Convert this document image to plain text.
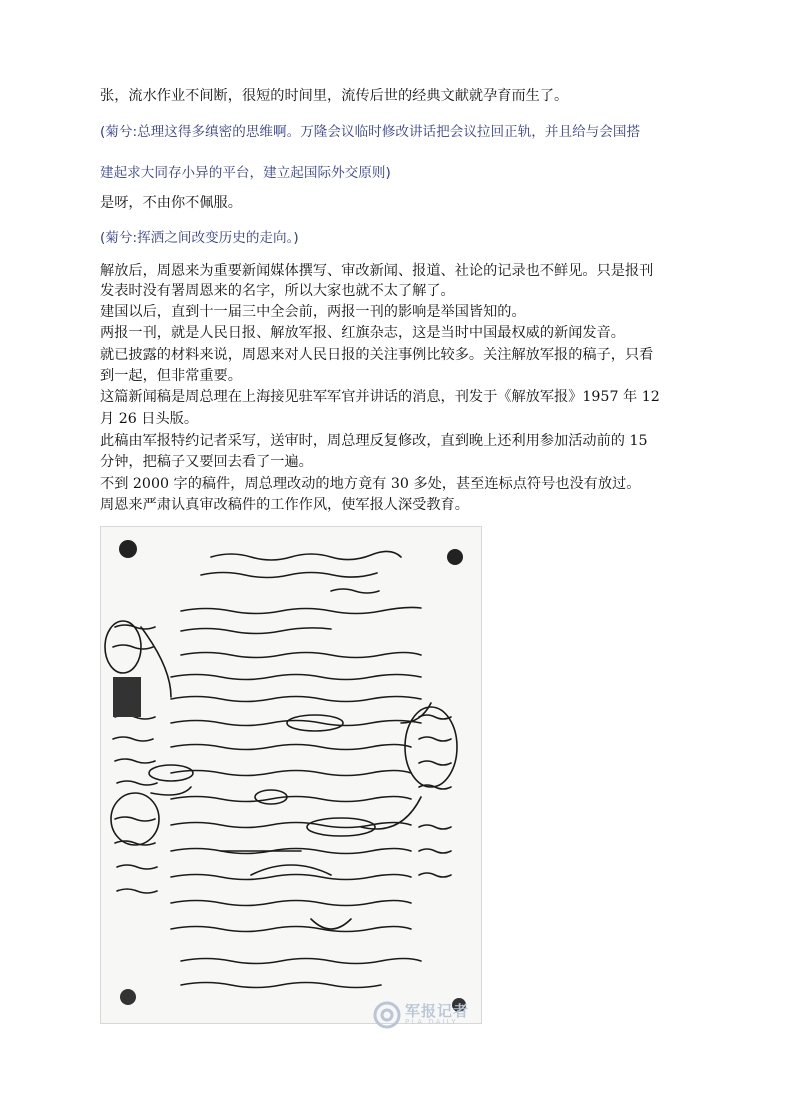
张，流水作业不间断，很短的时间里，流传后世的经典文献就孕育而生了。
(菊兮:总理这得多缜密的思维啊。万隆会议临时修改讲话把会议拉回正轨，并且给与会国搭
建起求大同存小异的平台，建立起国际外交原则)
是呀，不由你不佩服。
(菊兮:挥洒之间改变历史的走向。)
解放后，周恩来为重要新闻媒体撰写、审改新闻、报道、社论的记录也不鲜见。只是报刊
发表时没有署周恩来的名字，所以大家也就不太了解了。
建国以后，直到十一届三中全会前，两报一刊的影响是举国皆知的。
两报一刊，就是人民日报、解放军报、红旗杂志，这是当时中国最权威的新闻发音。
就已披露的材料来说，周恩来对人民日报的关注事例比较多。关注解放军报的稿子，只看
到一起，但非常重要。
这篇新闻稿是周总理在上海接见驻军军官并讲话的消息，刊发于《解放军报》1957 年 12
月 26 日头版。
此稿由军报特约记者采写，送审时，周总理反复修改，直到晚上还利用参加活动前的 15
分钟，把稿子又要回去看了一遍。
不到 2000 字的稿件，周总理改动的地方竟有 30 多处，甚至连标点符号也没有放过。
周恩来严肃认真审改稿件的工作作风，使军报人深受教育。
军报记者
PLA DAILY
